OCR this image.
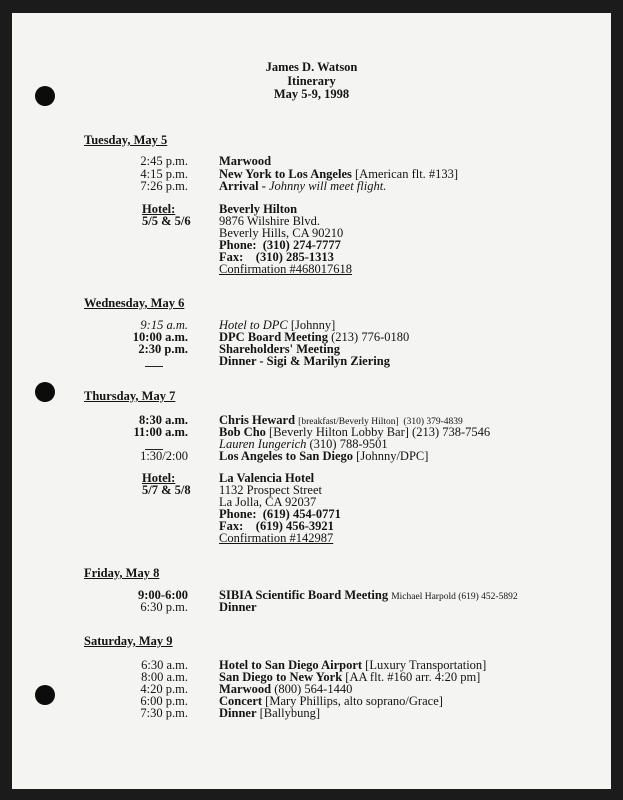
James D. Watson
Itinerary
May 5-9, 1998
Tuesday, May 5
2:45 p.m. Marwood
4:15 p.m. New York to Los Angeles [American flt. #133]
7:26 p.m. Arrival - Johnny will meet flight.
Hotel:
5/5 & 5/6
Beverly Hilton
9876 Wilshire Blvd.
Beverly Hills, CA 90210
Phone:  (310) 274-7777
Fax:    (310) 285-1313
Confirmation #468017618
Wednesday, May 6
9:15 a.m. Hotel to DPC [Johnny]
10:00 a.m. DPC Board Meeting (213) 776-0180
2:30 p.m. Shareholders' Meeting
Dinner - Sigi & Marilyn Ziering
Thursday, May 7
8:30 a.m. Chris Heward [breakfast/Beverly Hilton]  (310) 379-4839
11:00 a.m. Bob Cho [Beverly Hilton Lobby Bar] (213) 738-7546
Lauren Iungerich (310) 788-9501
1:30/2:00 Los Angeles to San Diego [Johnny/DPC]
Hotel:
5/7 & 5/8
La Valencia Hotel
1132 Prospect Street
La Jolla, CA 92037
Phone:  (619) 454-0771
Fax:    (619) 456-3921
Confirmation #142987
Friday, May 8
9:00-6:00 SIBIA Scientific Board Meeting Michael Harpold (619) 452-5892
6:30 p.m. Dinner
Saturday, May 9
6:30 a.m. Hotel to San Diego Airport [Luxury Transportation]
8:00 a.m. San Diego to New York [AA flt. #160 arr. 4:20 pm]
4:20 p.m. Marwood (800) 564-1440
6:00 p.m. Concert [Mary Phillips, alto soprano/Grace]
7:30 p.m. Dinner [Ballybung]
